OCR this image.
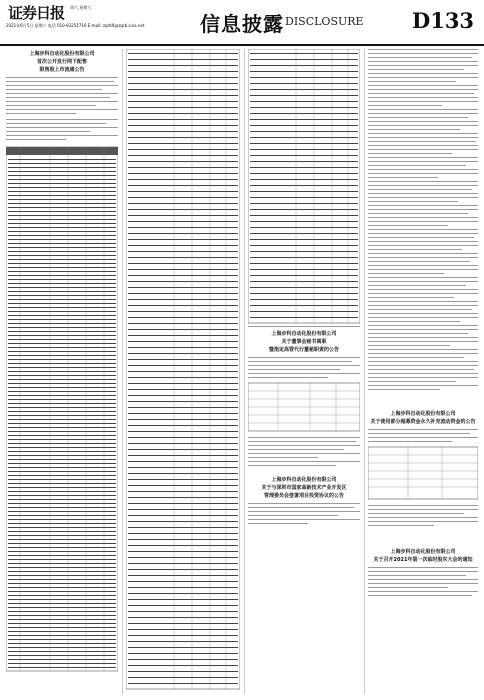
证券日报 周六 星期六
2021年6月5日 星期六 电话 010-83251716 E-mail: zqrb9@zqrb.sina.net	信息披露 DISCLOSURE D133
上海步科自动化股份有限公司
首次公开发行网下配售
限售股上市流通公告
上海步科自动化股份有限公司
关于董事会秘书离职
暨指定高管代行董秘职责的公告
上海步科自动化股份有限公司
关于与深圳市国家高新技术产业开发区
管理委员会签署项目投资协议的公告
上海步科自动化股份有限公司
关于使用部分超募资金永久补充流动资金的公告
上海步科自动化股份有限公司
关于召开2021年第一次临时股东大会的通知
